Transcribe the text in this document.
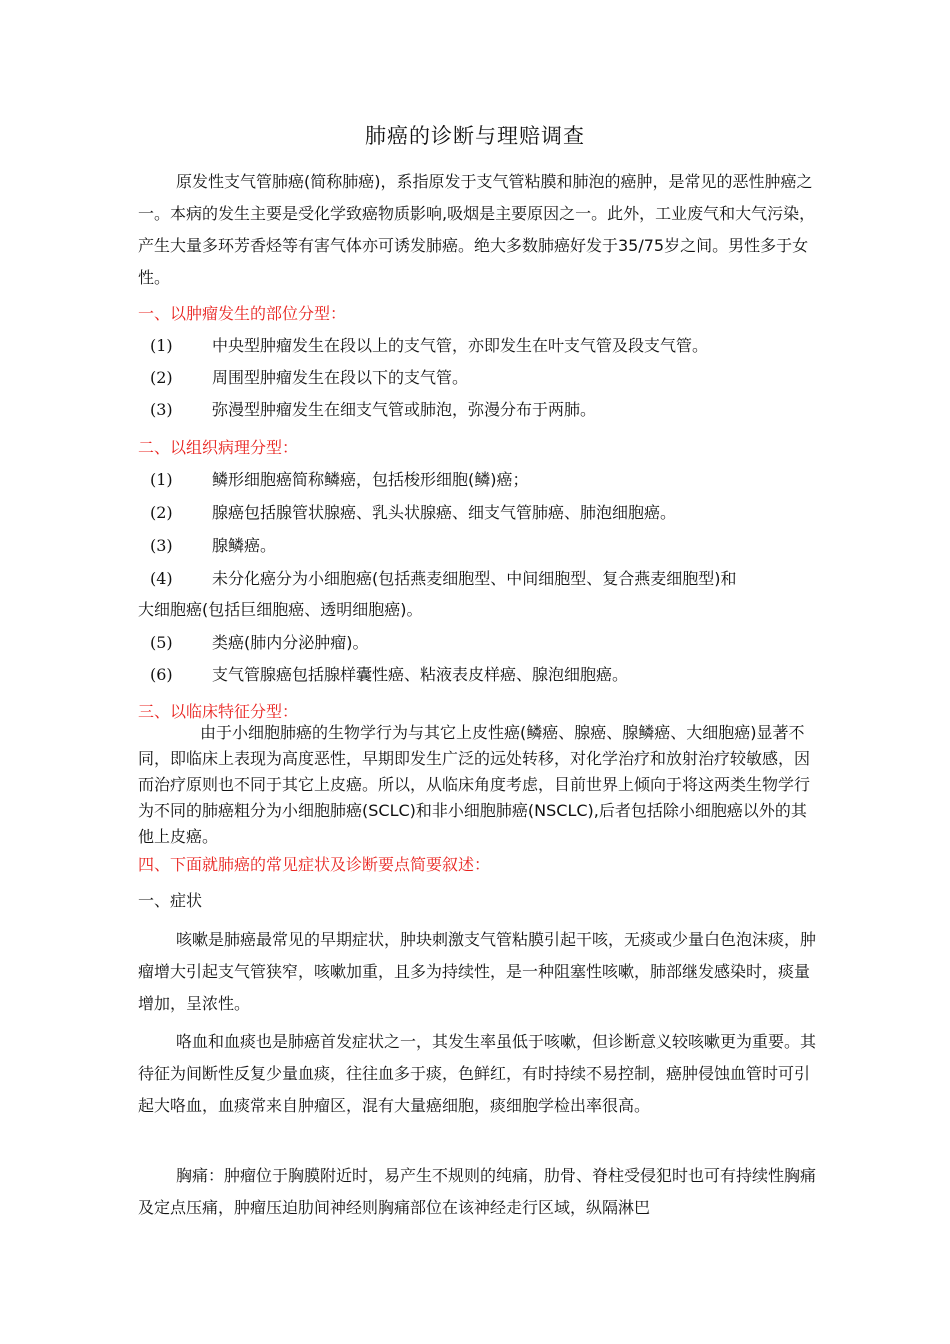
肺癌的诊断与理赔调查
原发性支气管肺癌(简称肺癌)，系指原发于支气管粘膜和肺泡的癌肿，是常见的恶性肿癌之一。本病的发生主要是受化学致癌物质影响,吸烟是主要原因之一。此外，工业废气和大气污染，产生大量多环芳香烃等有害气体亦可诱发肺癌。绝大多数肺癌好发于35/75岁之间。男性多于女性。
一、以肿瘤发生的部位分型：
(1) 中央型肿瘤发生在段以上的支气管，亦即发生在叶支气管及段支气管。
(2) 周围型肿瘤发生在段以下的支气管。
(3) 弥漫型肿瘤发生在细支气管或肺泡，弥漫分布于两肺。
二、以组织病理分型：
(1) 鳞形细胞癌简称鳞癌，包括梭形细胞(鳞)癌；
(2) 腺癌包括腺管状腺癌、乳头状腺癌、细支气管肺癌、肺泡细胞癌。
(3) 腺鳞癌。
(4) 未分化癌分为小细胞癌(包括燕麦细胞型、中间细胞型、复合燕麦细胞型)和
大细胞癌(包括巨细胞癌、透明细胞癌)。
(5) 类癌(肺内分泌肿瘤)。
(6) 支气管腺癌包括腺样囊性癌、粘液表皮样癌、腺泡细胞癌。
三、以临床特征分型：
由于小细胞肺癌的生物学行为与其它上皮性癌(鳞癌、腺癌、腺鳞癌、大细胞癌)显著不同，即临床上表现为高度恶性，早期即发生广泛的远处转移，对化学治疗和放射治疗较敏感，因而治疗原则也不同于其它上皮癌。所以，从临床角度考虑，目前世界上倾向于将这两类生物学行为不同的肺癌粗分为小细胞肺癌(SCLC)和非小细胞肺癌(NSCLC),后者包括除小细胞癌以外的其他上皮癌。
四、下面就肺癌的常见症状及诊断要点简要叙述：
一、症状
咳嗽是肺癌最常见的早期症状，肿块刺激支气管粘膜引起干咳，无痰或少量白色泡沫痰，肿瘤增大引起支气管狭窄，咳嗽加重，且多为持续性，是一种阻塞性咳嗽，肺部继发感染时，痰量增加，呈浓性。
咯血和血痰也是肺癌首发症状之一，其发生率虽低于咳嗽，但诊断意义较咳嗽更为重要。其待征为间断性反复少量血痰，往往血多于痰，色鲜红，有时持续不易控制，癌肿侵蚀血管时可引起大咯血，血痰常来自肿瘤区，混有大量癌细胞，痰细胞学检出率很高。
胸痛：肿瘤位于胸膜附近时，易产生不规则的纯痛，肋骨、脊柱受侵犯时也可有持续性胸痛及定点压痛，肿瘤压迫肋间神经则胸痛部位在该神经走行区域，纵隔淋巴
